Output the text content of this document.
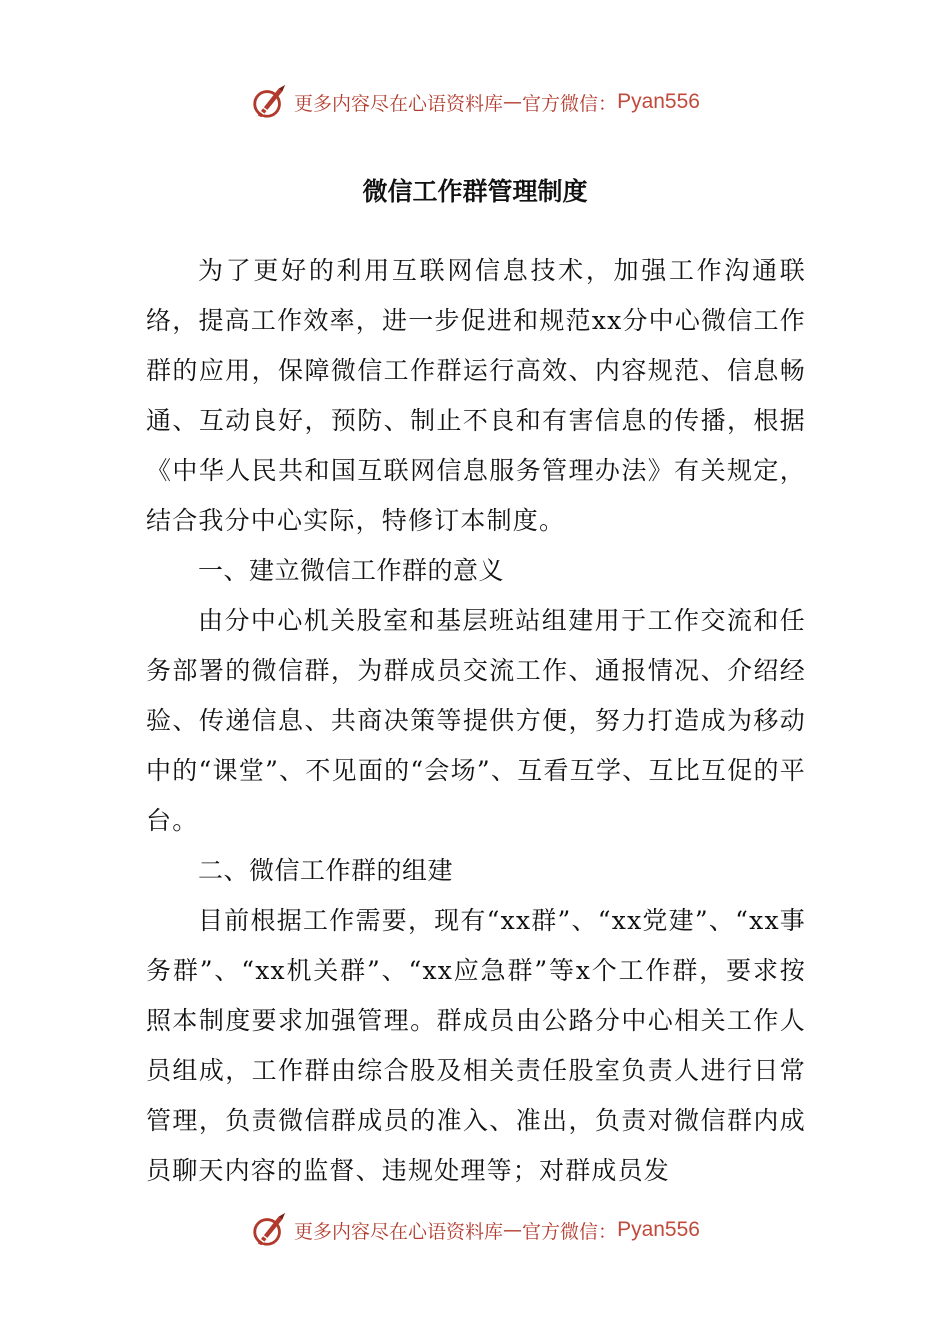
更多内容尽在心语资料库 — 官方微信： Pyan556
微信工作群管理制度

为了更好的利用互联网信息技术，加强工作沟通联络，提高工作效率，进一步促进和规范xx分中心微信工作群的应用，保障微信工作群运行高效、内容规范、信息畅通、互动良好，预防、制止不良和有害信息的传播，根据《中华人民共和国互联网信息服务管理办法》有关规定，结合我分中心实际，特修订本制度。

一、建立微信工作群的意义

由分中心机关股室和基层班站组建用于工作交流和任务部署的微信群，为群成员交流工作、通报情况、介绍经验、传递信息、共商决策等提供方便，努力打造成为移动中的“课堂”、不见面的“会场”、互看互学、互比互促的平台。

二、微信工作群的组建

目前根据工作需要，现有“xx群”、“xx党建”、“xx事务群”、“xx机关群”、“xx应急群”等x个工作群，要求按照本制度要求加强管理。群成员由公路分中心相关工作人员组成，工作群由综合股及相关责任股室负责人进行日常管理，负责微信群成员的准入、准出，负责对微信群内成员聊天内容的监督、违规处理等；对群成员发

更多内容尽在心语资料库 — 官方微信： Pyan556
